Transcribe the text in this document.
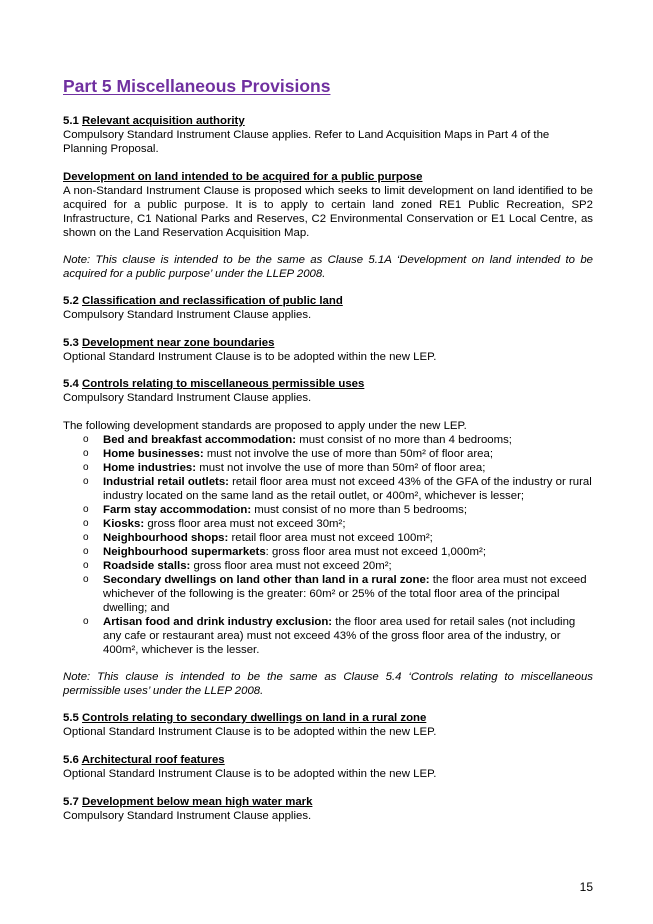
Part 5 Miscellaneous Provisions
5.1 Relevant acquisition authority
Compulsory Standard Instrument Clause applies. Refer to Land Acquisition Maps in Part 4 of the Planning Proposal.
Development on land intended to be acquired for a public purpose
A non-Standard Instrument Clause is proposed which seeks to limit development on land identified to be acquired for a public purpose. It is to apply to certain land zoned RE1 Public Recreation, SP2 Infrastructure, C1 National Parks and Reserves, C2 Environmental Conservation or E1 Local Centre, as shown on the Land Reservation Acquisition Map.
Note: This clause is intended to be the same as Clause 5.1A ‘Development on land intended to be acquired for a public purpose’ under the LLEP 2008.
5.2 Classification and reclassification of public land
Compulsory Standard Instrument Clause applies.
5.3 Development near zone boundaries
Optional Standard Instrument Clause is to be adopted within the new LEP.
5.4 Controls relating to miscellaneous permissible uses
Compulsory Standard Instrument Clause applies.
The following development standards are proposed to apply under the new LEP.
o Bed and breakfast accommodation: must consist of no more than 4 bedrooms;
o Home businesses: must not involve the use of more than 50m² of floor area;
o Home industries: must not involve the use of more than 50m² of floor area;
o Industrial retail outlets: retail floor area must not exceed 43% of the GFA of the industry or rural industry located on the same land as the retail outlet, or 400m², whichever is lesser;
o Farm stay accommodation: must consist of no more than 5 bedrooms;
o Kiosks: gross floor area must not exceed 30m²;
o Neighbourhood shops: retail floor area must not exceed 100m²;
o Neighbourhood supermarkets: gross floor area must not exceed 1,000m²;
o Roadside stalls: gross floor area must not exceed 20m²;
o Secondary dwellings on land other than land in a rural zone: the floor area must not exceed whichever of the following is the greater: 60m² or 25% of the total floor area of the principal dwelling; and
o Artisan food and drink industry exclusion: the floor area used for retail sales (not including any cafe or restaurant area) must not exceed 43% of the gross floor area of the industry, or 400m², whichever is the lesser.
Note: This clause is intended to be the same as Clause 5.4 ‘Controls relating to miscellaneous permissible uses’ under the LLEP 2008.
5.5 Controls relating to secondary dwellings on land in a rural zone
Optional Standard Instrument Clause is to be adopted within the new LEP.
5.6 Architectural roof features
Optional Standard Instrument Clause is to be adopted within the new LEP.
5.7 Development below mean high water mark
Compulsory Standard Instrument Clause applies.
15
